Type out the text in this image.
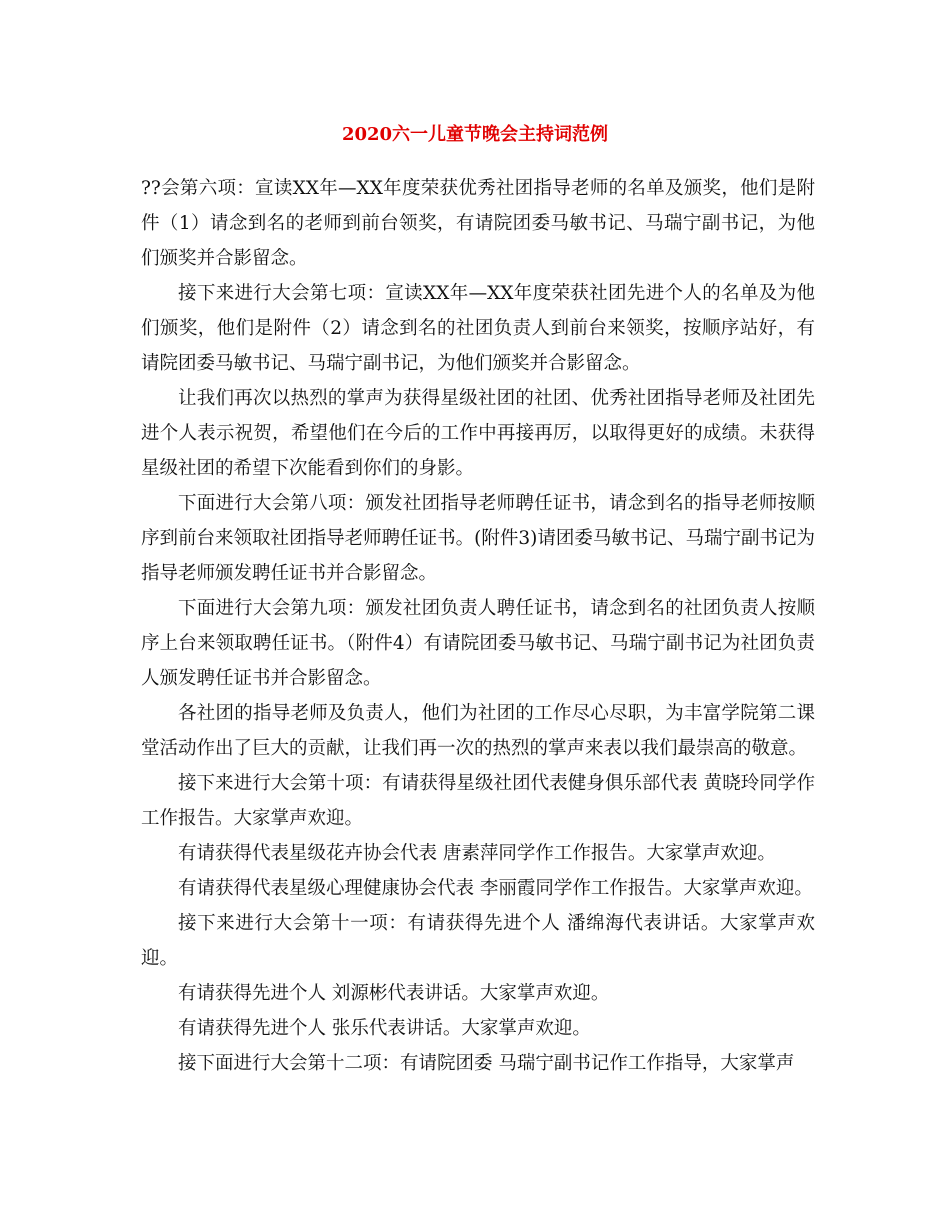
2020六一儿童节晚会主持词范例

??会第六项：宣读XX年—XX年度荣获优秀社团指导老师的名单及颁奖，他们是附件（1）请念到名的老师到前台领奖，有请院团委马敏书记、马瑞宁副书记，为他们颁奖并合影留念。

接下来进行大会第七项：宣读XX年—XX年度荣获社团先进个人的名单及为他们颁奖，他们是附件（2）请念到名的社团负责人到前台来领奖，按顺序站好，有请院团委马敏书记、马瑞宁副书记，为他们颁奖并合影留念。

让我们再次以热烈的掌声为获得星级社团的社团、优秀社团指导老师及社团先进个人表示祝贺，希望他们在今后的工作中再接再厉，以取得更好的成绩。未获得星级社团的希望下次能看到你们的身影。

下面进行大会第八项：颁发社团指导老师聘任证书，请念到名的指导老师按顺序到前台来领取社团指导老师聘任证书。(附件3)请团委马敏书记、马瑞宁副书记为指导老师颁发聘任证书并合影留念。

下面进行大会第九项：颁发社团负责人聘任证书，请念到名的社团负责人按顺序上台来领取聘任证书。（附件4）有请院团委马敏书记、马瑞宁副书记为社团负责人颁发聘任证书并合影留念。

各社团的指导老师及负责人，他们为社团的工作尽心尽职，为丰富学院第二课堂活动作出了巨大的贡献，让我们再一次的热烈的掌声来表以我们最崇高的敬意。

接下来进行大会第十项：有请获得星级社团代表健身俱乐部代表 黄晓玲同学作工作报告。大家掌声欢迎。

有请获得代表星级花卉协会代表 唐素萍同学作工作报告。大家掌声欢迎。

有请获得代表星级心理健康协会代表 李丽霞同学作工作报告。大家掌声欢迎。

接下来进行大会第十一项：有请获得先进个人 潘绵海代表讲话。大家掌声欢迎。

有请获得先进个人 刘源彬代表讲话。大家掌声欢迎。

有请获得先进个人 张乐代表讲话。大家掌声欢迎。

接下面进行大会第十二项：有请院团委 马瑞宁副书记作工作指导，大家掌声
